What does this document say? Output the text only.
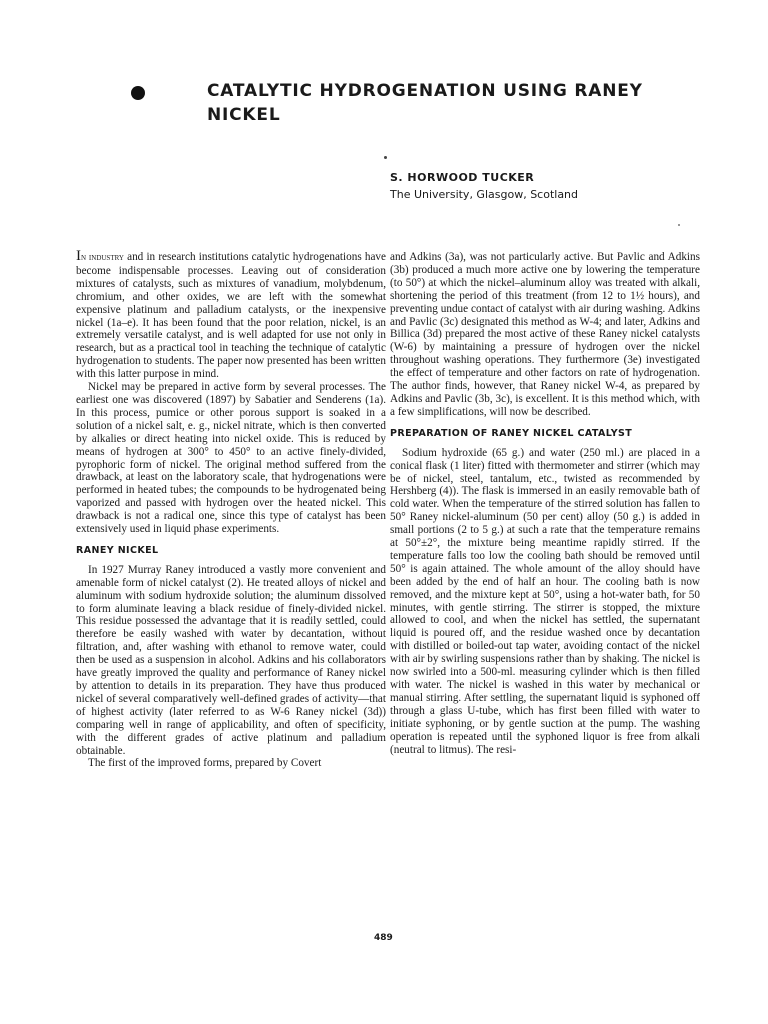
CATALYTIC HYDROGENATION USING RANEY NICKEL
S. HORWOOD TUCKER
The University, Glasgow, Scotland

In industry and in research institutions catalytic hydrogenations have become indispensable processes. Leaving out of consideration mixtures of catalysts, such as mixtures of vanadium, molybdenum, chromium, and other oxides, we are left with the somewhat expensive platinum and palladium catalysts, or the inexpensive nickel (1a–e). It has been found that the poor relation, nickel, is an extremely versatile catalyst, and is well adapted for use not only in research, but as a practical tool in teaching the technique of catalytic hydrogenation to students. The paper now presented has been written with this latter purpose in mind.

Nickel may be prepared in active form by several processes. The earliest one was discovered (1897) by Sabatier and Senderens (1a). In this process, pumice or other porous support is soaked in a solution of a nickel salt, e. g., nickel nitrate, which is then converted by alkalies or direct heating into nickel oxide. This is reduced by means of hydrogen at 300° to 450° to an active finely-divided, pyrophoric form of nickel. The original method suffered from the drawback, at least on the laboratory scale, that hydrogenations were performed in heated tubes; the compounds to be hydrogenated being vaporized and passed with hydrogen over the heated nickel. This drawback is not a radical one, since this type of catalyst has been extensively used in liquid phase experiments.

RANEY NICKEL

In 1927 Murray Raney introduced a vastly more convenient and amenable form of nickel catalyst (2). He treated alloys of nickel and aluminum with sodium hydroxide solution; the aluminum dissolved to form aluminate leaving a black residue of finely-divided nickel. This residue possessed the advantage that it is readily settled, could therefore be easily washed with water by decantation, without filtration, and, after washing with ethanol to remove water, could then be used as a suspension in alcohol. Adkins and his collaborators have greatly improved the quality and performance of Raney nickel by attention to details in its preparation. They have thus produced nickel of several comparatively well-defined grades of activity—that of highest activity (later referred to as W-6 Raney nickel (3d)) comparing well in range of applicability, and often of specificity, with the different grades of active platinum and palladium obtainable.

The first of the improved forms, prepared by Covert

and Adkins (3a), was not particularly active. But Pavlic and Adkins (3b) produced a much more active one by lowering the temperature (to 50°) at which the nickel–aluminum alloy was treated with alkali, shortening the period of this treatment (from 12 to 1½ hours), and preventing undue contact of catalyst with air during washing. Adkins and Pavlic (3c) designated this method as W-4; and later, Adkins and Billica (3d) prepared the most active of these Raney nickel catalysts (W-6) by maintaining a pressure of hydrogen over the nickel throughout washing operations. They furthermore (3e) investigated the effect of temperature and other factors on rate of hydrogenation. The author finds, however, that Raney nickel W-4, as prepared by Adkins and Pavlic (3b, 3c), is excellent. It is this method which, with a few simplifications, will now be described.

PREPARATION OF RANEY NICKEL CATALYST

Sodium hydroxide (65 g.) and water (250 ml.) are placed in a conical flask (1 liter) fitted with thermometer and stirrer (which may be of nickel, steel, tantalum, etc., twisted as recommended by Hershberg (4)). The flask is immersed in an easily removable bath of cold water. When the temperature of the stirred solution has fallen to 50° Raney nickel-aluminum (50 per cent) alloy (50 g.) is added in small portions (2 to 5 g.) at such a rate that the temperature remains at 50°±2°, the mixture being meantime rapidly stirred. If the temperature falls too low the cooling bath should be removed until 50° is again attained. The whole amount of the alloy should have been added by the end of half an hour. The cooling bath is now removed, and the mixture kept at 50°, using a hot-water bath, for 50 minutes, with gentle stirring. The stirrer is stopped, the mixture allowed to cool, and when the nickel has settled, the supernatant liquid is poured off, and the residue washed once by decantation with distilled or boiled-out tap water, avoiding contact of the nickel with air by swirling suspensions rather than by shaking. The nickel is now swirled into a 500-ml. measuring cylinder which is then filled with water. The nickel is washed in this water by mechanical or manual stirring. After settling, the supernatant liquid is syphoned off through a glass U-tube, which has first been filled with water to initiate syphoning, or by gentle suction at the pump. The washing operation is repeated until the syphoned liquor is free from alkali (neutral to litmus). The resi-

489
